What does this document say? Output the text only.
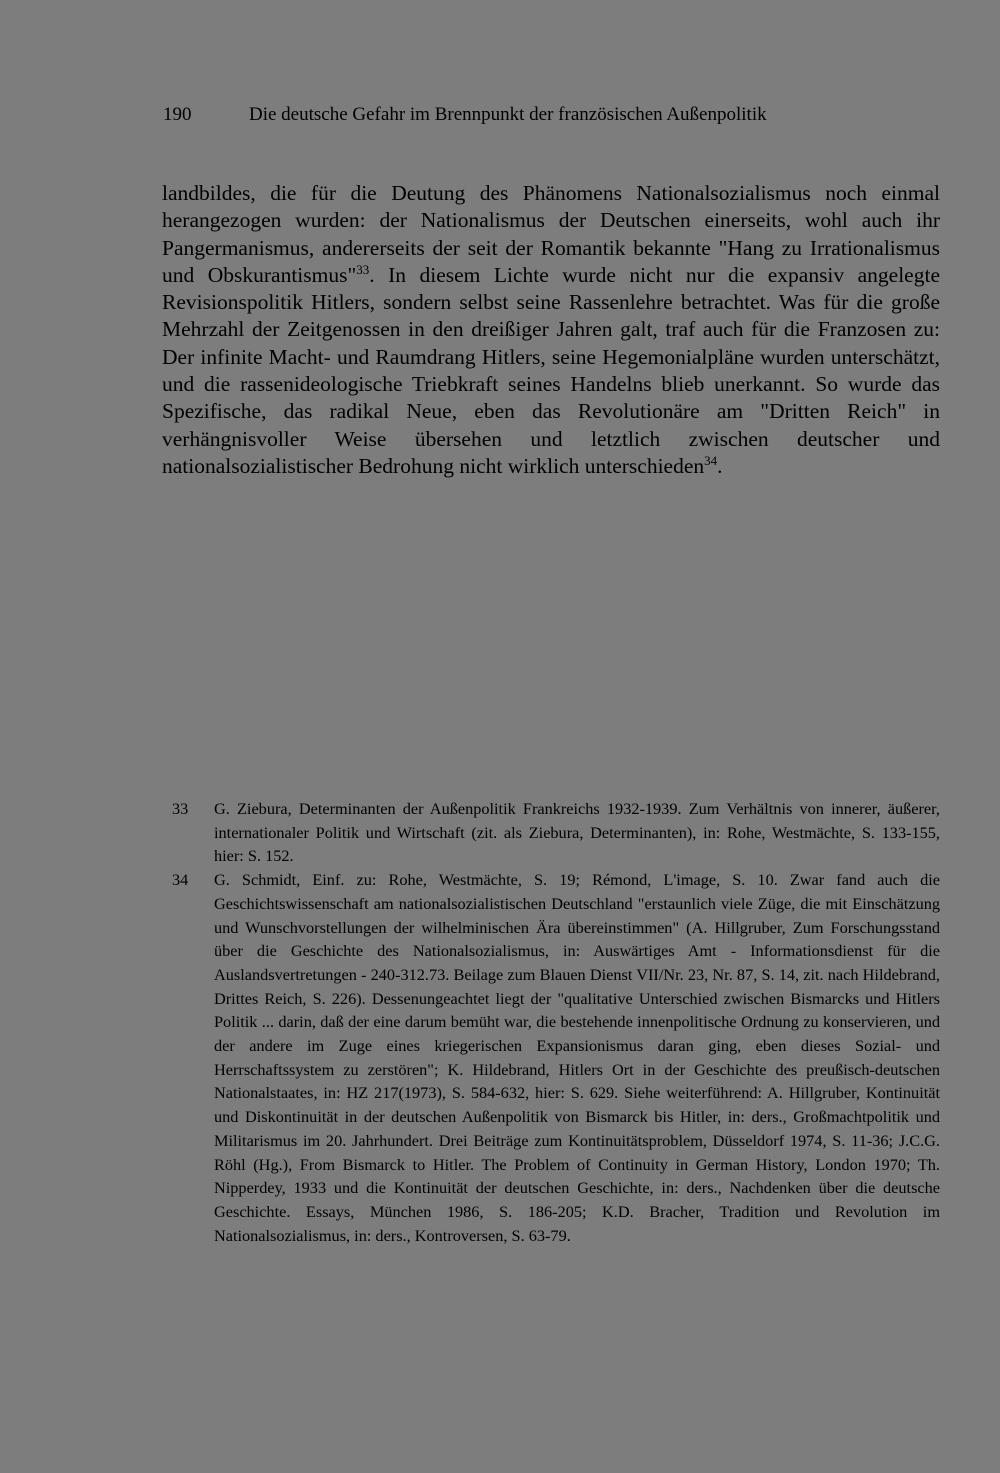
190	Die deutsche Gefahr im Brennpunkt der französischen Außenpolitik
landbildes, die für die Deutung des Phänomens Nationalsozialismus noch einmal herangezogen wurden: der Nationalismus der Deutschen einerseits, wohl auch ihr Pangermanismus, andererseits der seit der Romantik bekannte "Hang zu Irrationalismus und Obskurantismus"$^{33}$. In diesem Lichte wurde nicht nur die expansiv angelegte Revisionspolitik Hitlers, sondern selbst seine Rassenlehre betrachtet. Was für die große Mehrzahl der Zeitgenossen in den dreißiger Jahren galt, traf auch für die Franzosen zu: Der infinite Macht- und Raumdrang Hitlers, seine Hegemonialpläne wurden unterschätzt, und die rassenideologische Triebkraft seines Handelns blieb unerkannt. So wurde das Spezifische, das radikal Neue, eben das Revolutionäre am "Dritten Reich" in verhängnisvoller Weise übersehen und letztlich zwischen deutscher und nationalsozialistischer Bedrohung nicht wirklich unterschieden$^{34}$.
33	G. Ziebura, Determinanten der Außenpolitik Frankreichs 1932-1939. Zum Verhältnis von innerer, äußerer, internationaler Politik und Wirtschaft (zit. als Ziebura, Determinanten), in: Rohe, Westmächte, S. 133-155, hier: S. 152.
34	G. Schmidt, Einf. zu: Rohe, Westmächte, S. 19; Rémond, L'image, S. 10. Zwar fand auch die Geschichtswissenschaft am nationalsozialistischen Deutschland "erstaunlich viele Züge, die mit Einschätzung und Wunschvorstellungen der wilhelminischen Ära übereinstimmen" (A. Hillgruber, Zum Forschungsstand über die Geschichte des Nationalsozialismus, in: Auswärtiges Amt - Informationsdienst für die Auslandsvertretungen - 240-312.73. Beilage zum Blauen Dienst VII/Nr. 23, Nr. 87, S. 14, zit. nach Hildebrand, Drittes Reich, S. 226). Dessenungeachtet liegt der "qualitative Unterschied zwischen Bismarcks und Hitlers Politik ... darin, daß der eine darum bemüht war, die bestehende innenpolitische Ordnung zu konservieren, und der andere im Zuge eines kriegerischen Expansionismus daran ging, eben dieses Sozial- und Herrschaftssystem zu zerstören"; K. Hildebrand, Hitlers Ort in der Geschichte des preußisch-deutschen Nationalstaates, in: HZ 217(1973), S. 584-632, hier: S. 629. Siehe weiterführend: A. Hillgruber, Kontinuität und Diskontinuität in der deutschen Außenpolitik von Bismarck bis Hitler, in: ders., Großmachtpolitik und Militarismus im 20. Jahrhundert. Drei Beiträge zum Kontinuitätsproblem, Düsseldorf 1974, S. 11-36; J.C.G. Röhl (Hg.), From Bismarck to Hitler. The Problem of Continuity in German History, London 1970; Th. Nipperdey, 1933 und die Kontinuität der deutschen Geschichte, in: ders., Nachdenken über die deutsche Geschichte. Essays, München 1986, S. 186-205; K.D. Bracher, Tradition und Revolution im Nationalsozialismus, in: ders., Kontroversen, S. 63-79.
